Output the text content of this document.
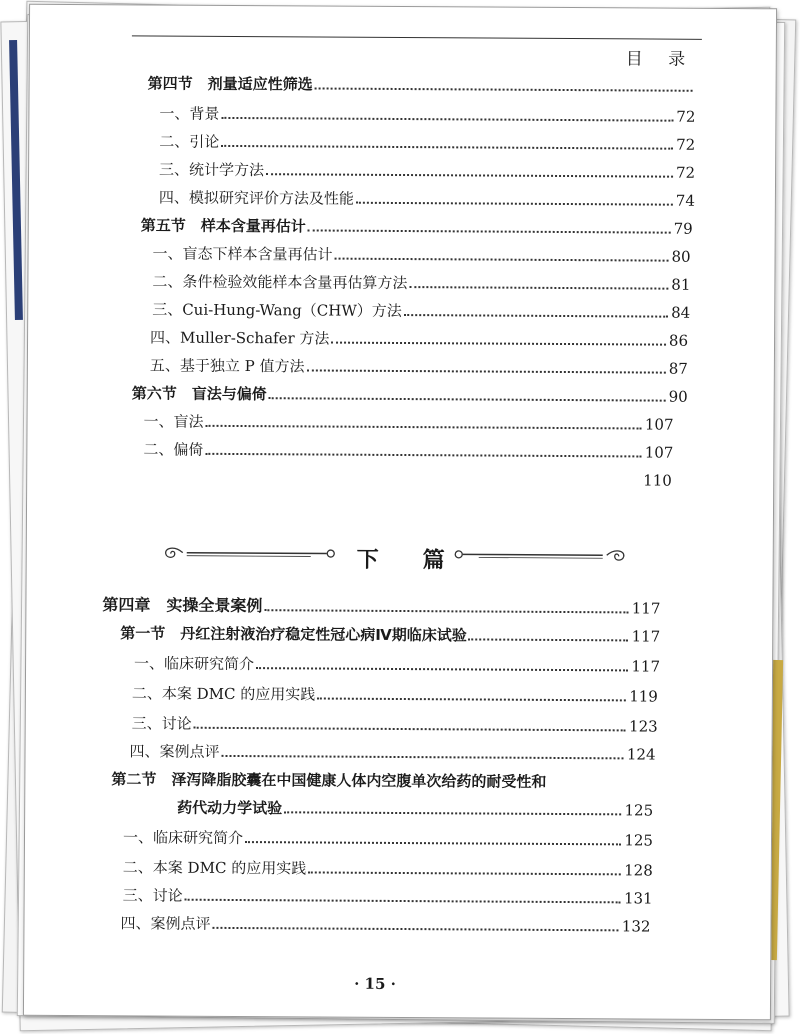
目 录
第四节　剂量适应性筛选
一、背景	72
二、引论	72
三、统计学方法	72
四、模拟研究评价方法及性能	74
第五节　样本含量再估计	79
一、盲态下样本含量再估计	80
二、条件检验效能样本含量再估算方法	81
三、Cui-Hung-Wang（CHW）方法	84
四、Muller-Schafer 方法	86
五、基于独立 P 值方法	87
第六节　盲法与偏倚	90
一、盲法	107
二、偏倚	107
110
下篇
第四章　实操全景案例	117
第一节　丹红注射液治疗稳定性冠心病Ⅳ期临床试验	117
一、临床研究简介	117
二、本案 DMC 的应用实践	119
三、讨论	123
四、案例点评	124
第二节　泽泻降脂胶囊在中国健康人体内空腹单次给药的耐受性和
药代动力学试验	125
一、临床研究简介	125
二、本案 DMC 的应用实践	128
三、讨论	131
四、案例点评	132
· 15 ·
